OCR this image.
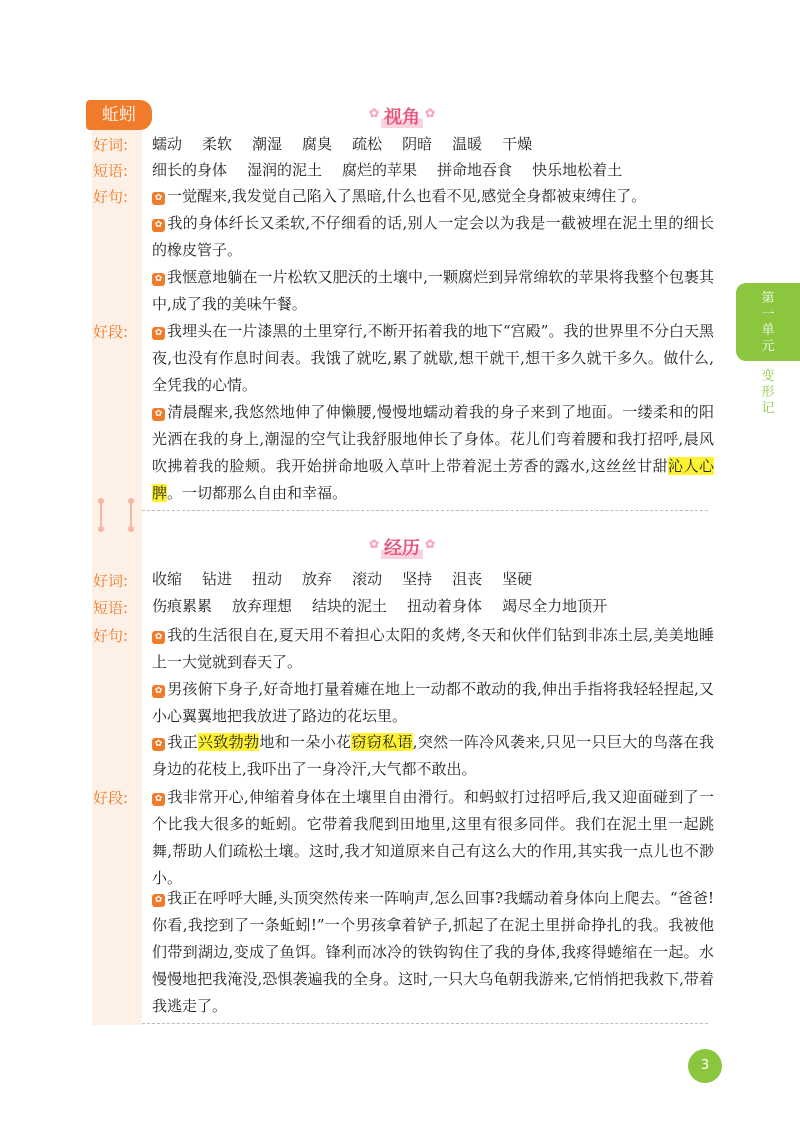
蚯蚓	✿ 视角 ✿
好词:	蠕动 柔软 潮湿 腐臭 疏松 阴暗 温暖 干燥
短语:	细长的身体 湿润的泥土 腐烂的苹果 拼命地吞食 快乐地松着土
好句:	✿ 一觉醒来,我发觉自己陷入了黑暗,什么也看不见,感觉全身都被束缚住了。
✿ 我的身体纤长又柔软,不仔细看的话,别人一定会以为我是一截被埋在泥土里的细长的橡皮管子。
✿ 我惬意地躺在一片松软又肥沃的土壤中,一颗腐烂到异常绵软的苹果将我整个包裹其中,成了我的美味午餐。
好段:	✿ 我埋头在一片漆黑的土里穿行,不断开拓着我的地下“宫殿”。我的世界里不分白天黑夜,也没有作息时间表。我饿了就吃,累了就歇,想干就干,想干多久就干多久。做什么,全凭我的心情。
✿ 清晨醒来,我悠然地伸了伸懒腰,慢慢地蠕动着我的身子来到了地面。一缕柔和的阳光洒在我的身上,潮湿的空气让我舒服地伸长了身体。花儿们弯着腰和我打招呼,晨风吹拂着我的脸颊。我开始拼命地吸入草叶上带着泥土芳香的露水,这丝丝甘甜沁人心脾。一切都那么自由和幸福。
✿ 经历 ✿
好词:	收缩 钻进 扭动 放弃 滚动 坚持 沮丧 坚硬
短语:	伤痕累累 放弃理想 结块的泥土 扭动着身体 竭尽全力地顶开
好句:	✿ 我的生活很自在,夏天用不着担心太阳的炙烤,冬天和伙伴们钻到非冻土层,美美地睡上一大觉就到春天了。
✿ 男孩俯下身子,好奇地打量着瘫在地上一动都不敢动的我,伸出手指将我轻轻捏起,又小心翼翼地把我放进了路边的花坛里。
✿ 我正兴致勃勃地和一朵小花窃窃私语,突然一阵冷风袭来,只见一只巨大的鸟落在我身边的花枝上,我吓出了一身冷汗,大气都不敢出。
好段:	✿ 我非常开心,伸缩着身体在土壤里自由滑行。和蚂蚁打过招呼后,我又迎面碰到了一个比我大很多的蚯蚓。它带着我爬到田地里,这里有很多同伴。我们在泥土里一起跳舞,帮助人们疏松土壤。这时,我才知道原来自己有这么大的作用,其实我一点儿也不渺小。
✿ 我正在呼呼大睡,头顶突然传来一阵响声,怎么回事?我蠕动着身体向上爬去。“爸爸!你看,我挖到了一条蚯蚓!”一个男孩拿着铲子,抓起了在泥土里拼命挣扎的我。我被他们带到湖边,变成了鱼饵。锋利而冰冷的铁钩钩住了我的身体,我疼得蜷缩在一起。水慢慢地把我淹没,恐惧袭遍我的全身。这时,一只大乌龟朝我游来,它悄悄把我救下,带着我逃走了。
第一单元
变形记
3
